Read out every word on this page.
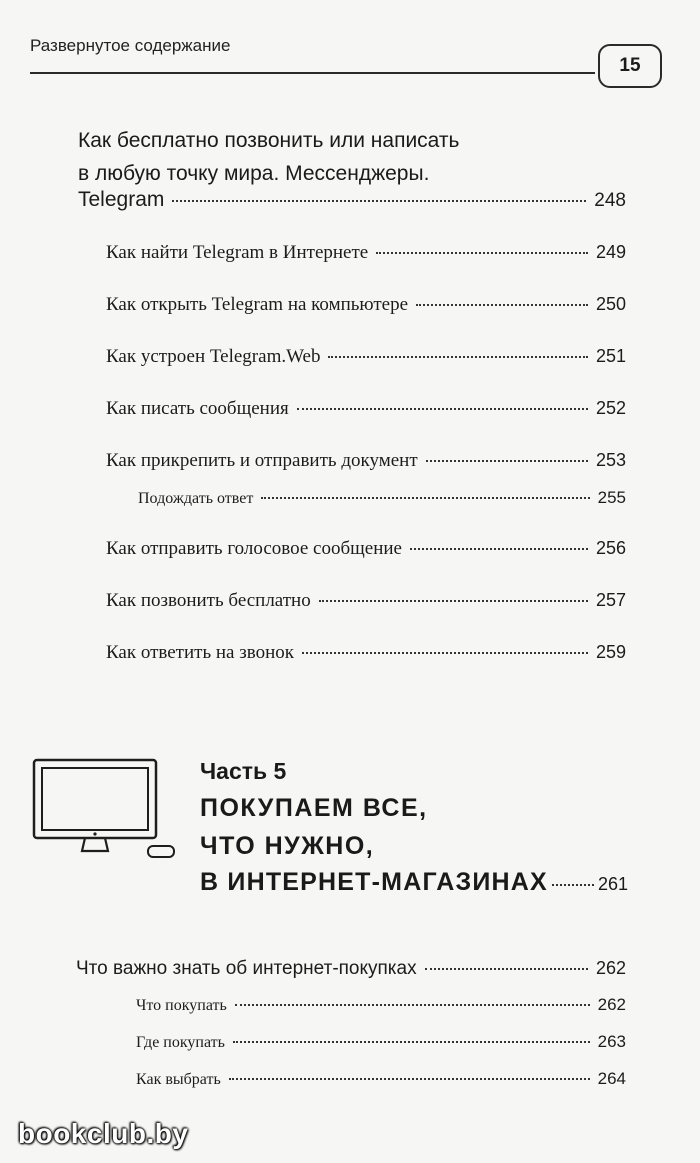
Развернутое содержание
15
Как бесплатно позвонить или написать
в любую точку мира. Мессенджеры.
Telegram	248
Как найти Telegram в Интернете	249
Как открыть Telegram на компьютере	250
Как устроен Telegram.Web	251
Как писать сообщения	252
Как прикрепить и отправить документ	253
Подождать ответ	255
Как отправить голосовое сообщение	256
Как позвонить бесплатно	257
Как ответить на звонок	259
Часть 5
ПОКУПАЕМ ВСЕ,
ЧТО НУЖНО,
В ИНТЕРНЕТ-МАГАЗИНАХ	261
Что важно знать об интернет-покупках	262
Что покупать	262
Где покупать	263
Как выбрать	264
bookclub.by
